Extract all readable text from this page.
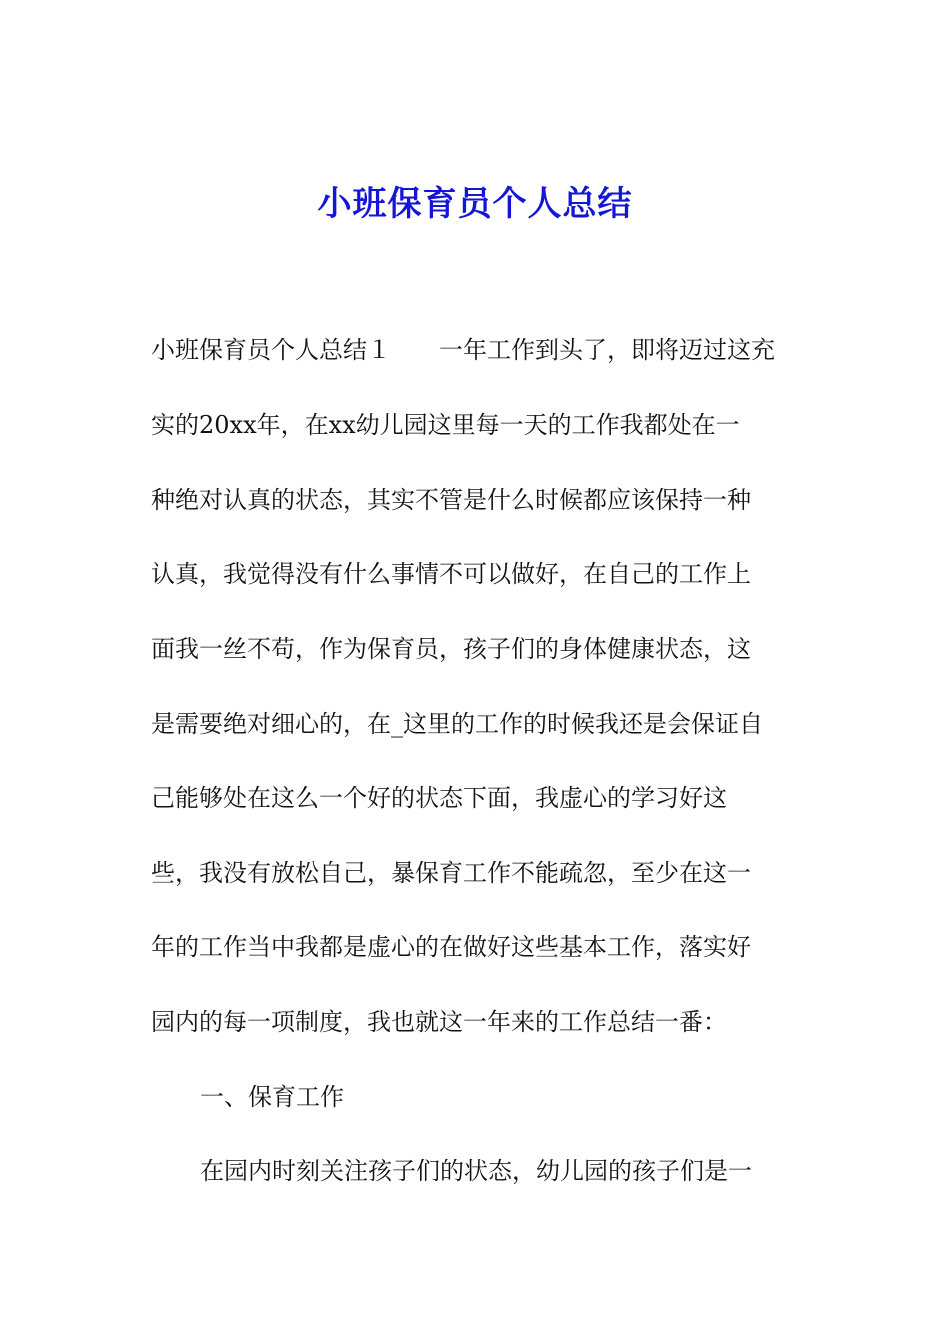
小班保育员个人总结
小班保育员个人总结１　　一年工作到头了，即将迈过这充
实的20xx年，在xx幼儿园这里每一天的工作我都处在一
种绝对认真的状态，其实不管是什么时候都应该保持一种
认真，我觉得没有什么事情不可以做好，在自己的工作上
面我一丝不苟，作为保育员，孩子们的身体健康状态，这
是需要绝对细心的，在_这里的工作的时候我还是会保证自
己能够处在这么一个好的状态下面，我虚心的学习好这
些，我没有放松自己，暴保育工作不能疏忽，至少在这一
年的工作当中我都是虚心的在做好这些基本工作，落实好
园内的每一项制度，我也就这一年来的工作总结一番：
一、保育工作
在园内时刻关注孩子们的状态，幼儿园的孩子们是一
